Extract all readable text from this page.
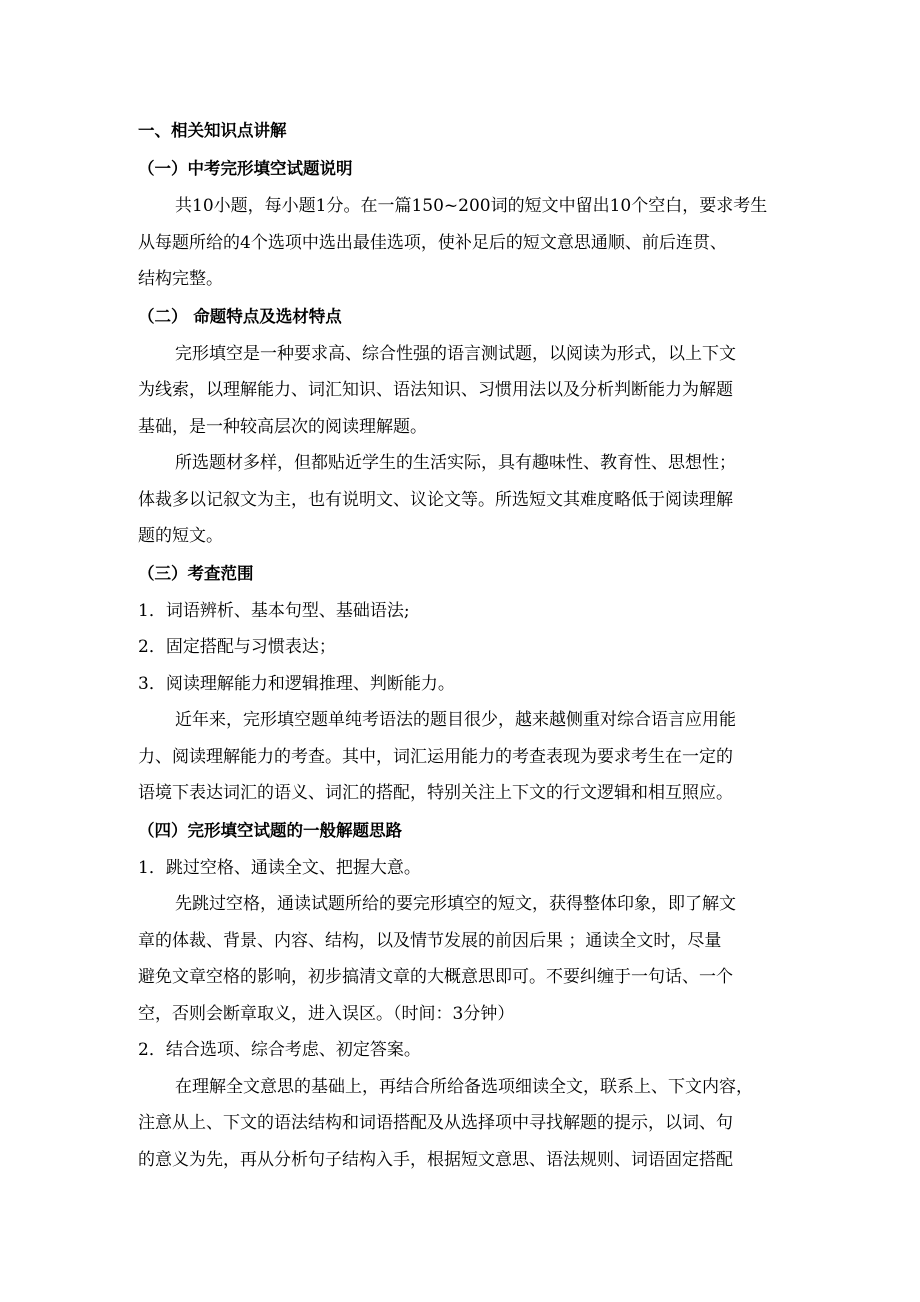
一、相关知识点讲解
（一）中考完形填空试题说明
共10小题，每小题1分。在一篇150~200词的短文中留出10个空白，要求考生
从每题所给的4个选项中选出最佳选项，使补足后的短文意思通顺、前后连贯、
结构完整。
（二） 命题特点及选材特点
完形填空是一种要求高、综合性强的语言测试题，以阅读为形式，以上下文
为线索，以理解能力、词汇知识、语法知识、习惯用法以及分析判断能力为解题
基础，是一种较高层次的阅读理解题。
所选题材多样，但都贴近学生的生活实际，具有趣味性、教育性、思想性；
体裁多以记叙文为主，也有说明文、议论文等。所选短文其难度略低于阅读理解
题的短文。
（三）考查范围
1．词语辨析、基本句型、基础语法;
2．固定搭配与习惯表达；
3．阅读理解能力和逻辑推理、判断能力。
近年来，完形填空题单纯考语法的题目很少，越来越侧重对综合语言应用能
力、阅读理解能力的考查。其中，词汇运用能力的考查表现为要求考生在一定的
语境下表达词汇的语义、词汇的搭配，特别关注上下文的行文逻辑和相互照应。
（四）完形填空试题的一般解题思路
1．跳过空格、通读全文、把握大意。
先跳过空格，通读试题所给的要完形填空的短文，获得整体印象，即了解文
章的体裁、背景、内容、结构，以及情节发展的前因后果 ；通读全文时，尽量
避免文章空格的影响，初步搞清文章的大概意思即可。不要纠缠于一句话、一个
空，否则会断章取义，进入误区。（时间：3分钟）
2．结合选项、综合考虑、初定答案。
在理解全文意思的基础上，再结合所给备选项细读全文，联系上、下文内容，
注意从上、下文的语法结构和词语搭配及从选择项中寻找解题的提示，以词、句
的意义为先，再从分析句子结构入手，根据短文意思、语法规则、词语固定搭配
